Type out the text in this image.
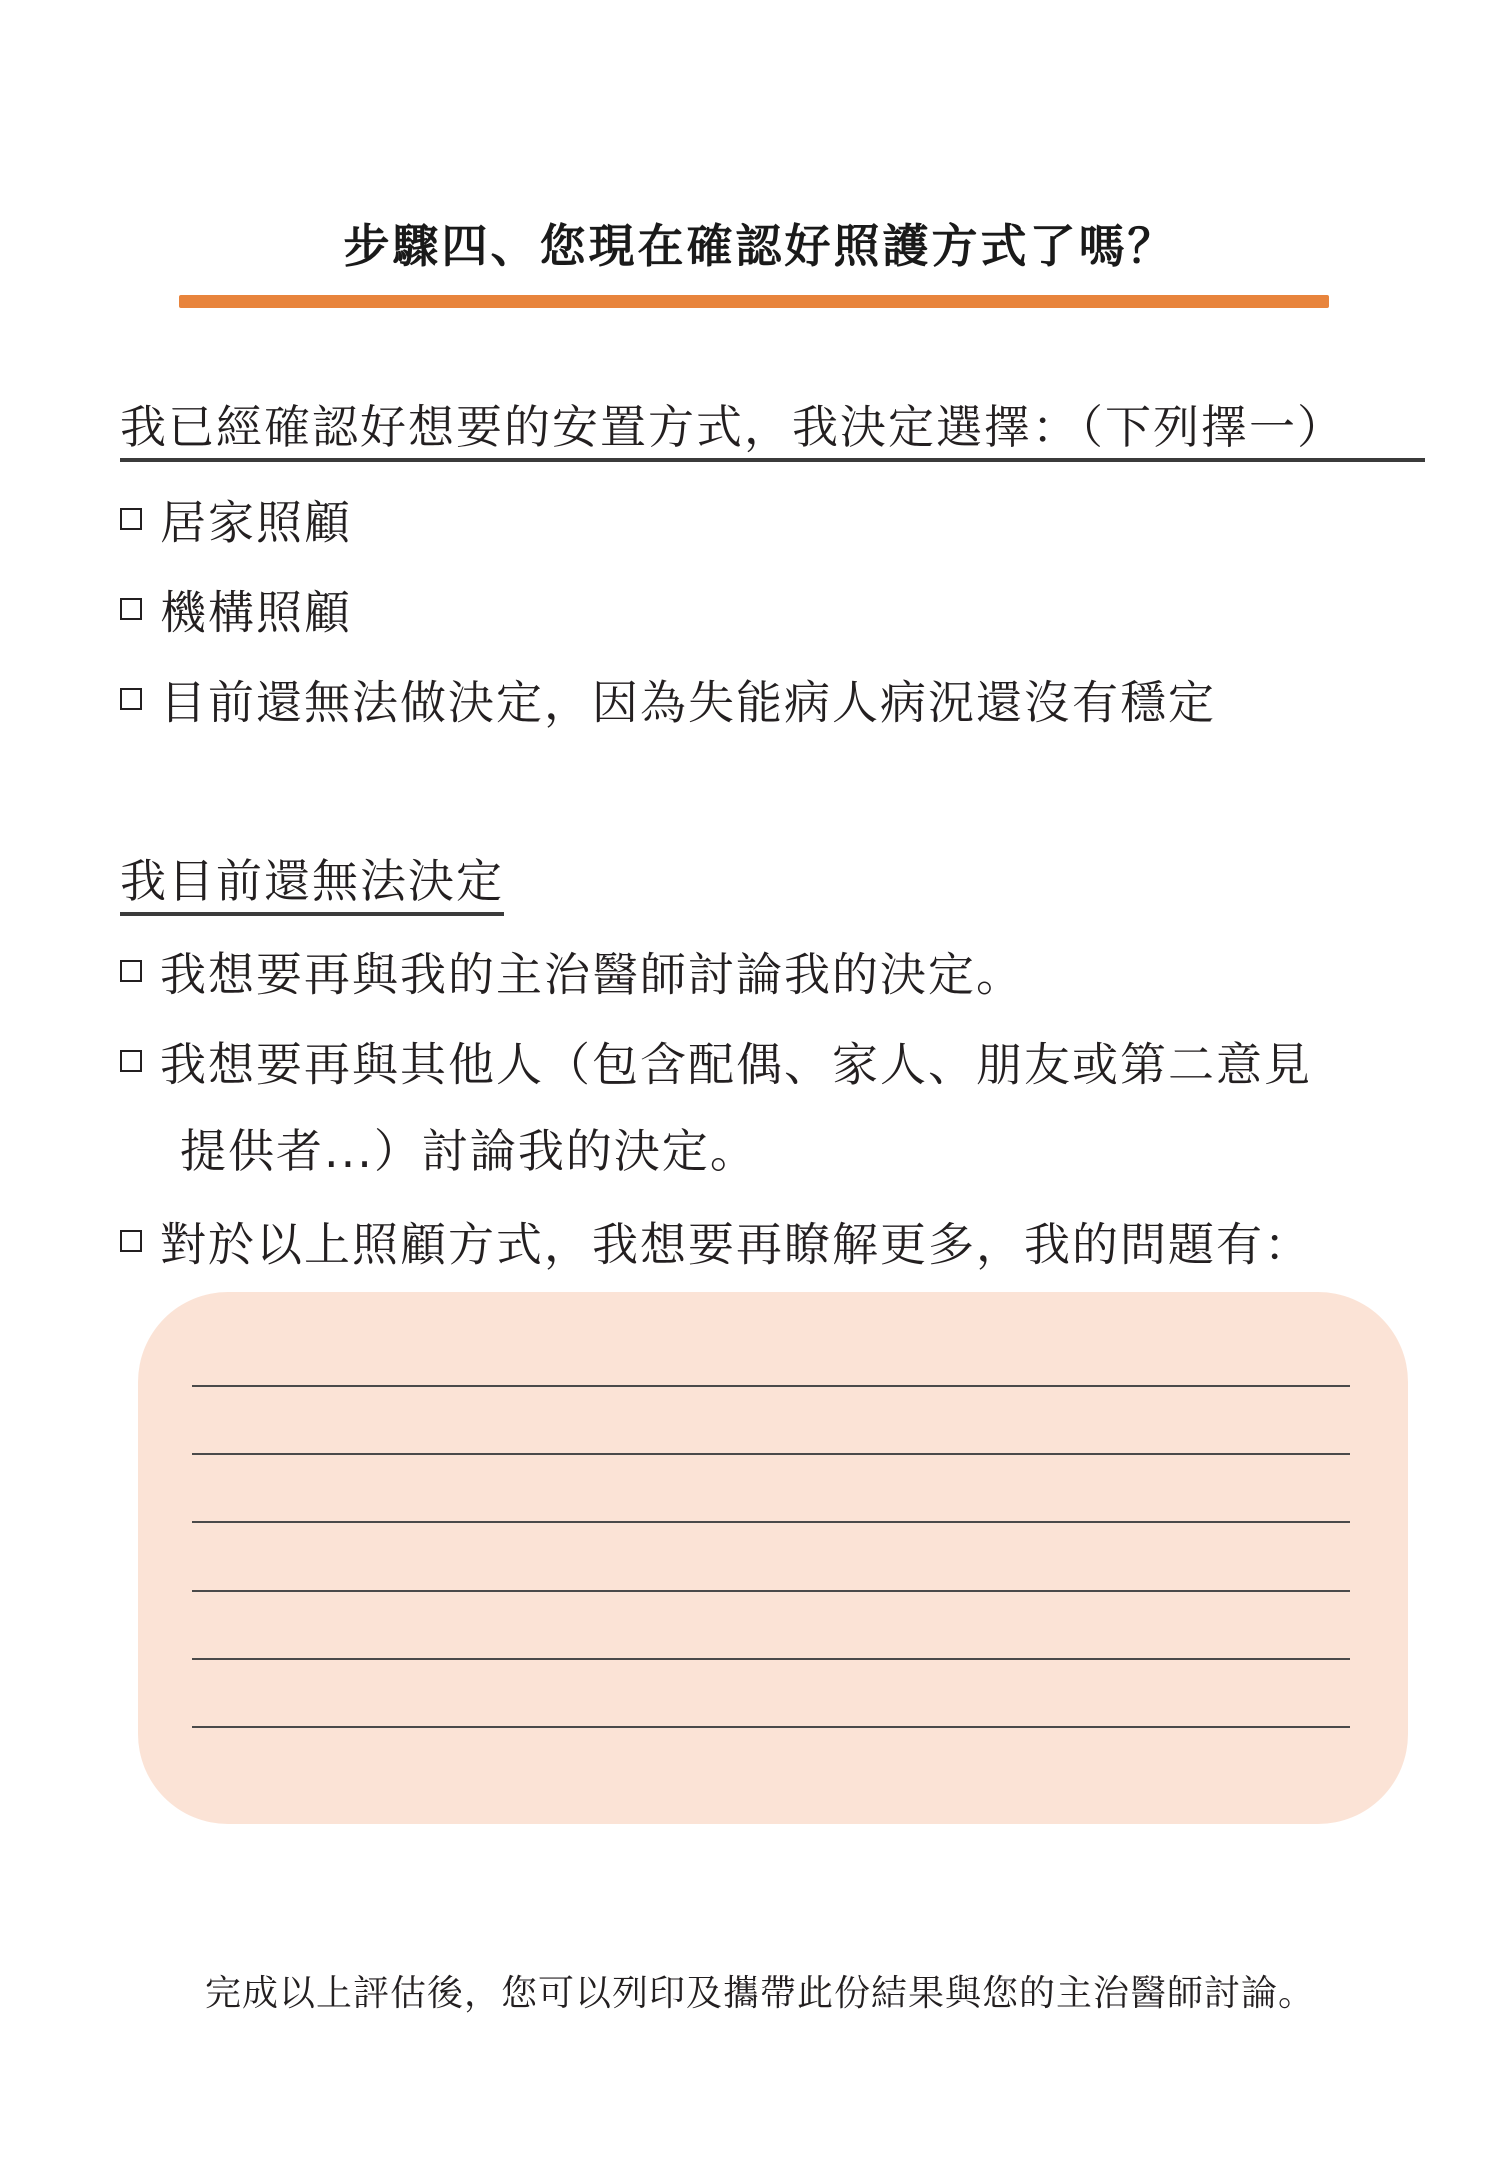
步驟四、您現在確認好照護方式了嗎？
我已經確認好想要的安置方式，我決定選擇：（下列擇一）
居家照顧
機構照顧
目前還無法做決定，因為失能病人病況還沒有穩定
我目前還無法決定
我想要再與我的主治醫師討論我的決定。
我想要再與其他人（包含配偶、家人、朋友或第二意見
提供者...）討論我的決定。
對於以上照顧方式，我想要再瞭解更多，我的問題有：
完成以上評估後，您可以列印及攜帶此份結果與您的主治醫師討論。
